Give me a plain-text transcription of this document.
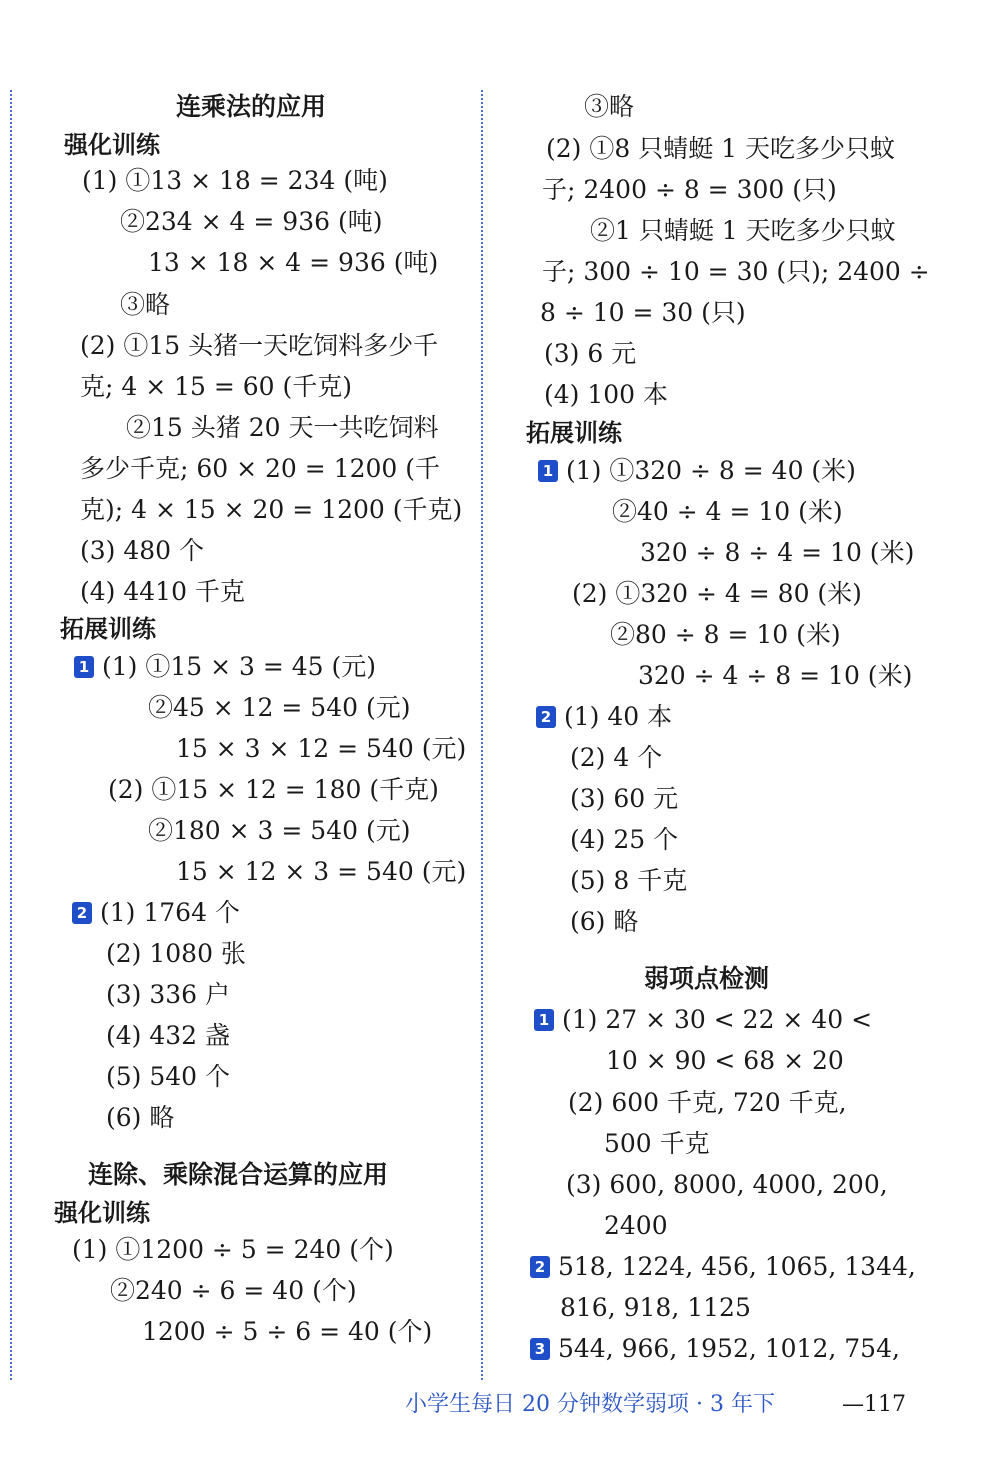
连乘法的应用
强化训练
(1) ①13 × 18 = 234 (吨)
②234 × 4 = 936 (吨)
13 × 18 × 4 = 936 (吨)
③略
(2) ①15 头猪一天吃饲料多少千
克; 4 × 15 = 60 (千克)
②15 头猪 20 天一共吃饲料
多少千克; 60 × 20 = 1200 (千
克); 4 × 15 × 20 = 1200 (千克)
(3) 480 个
(4) 4410 千克
拓展训练
1 (1) ①15 × 3 = 45 (元)
②45 × 12 = 540 (元)
15 × 3 × 12 = 540 (元)
(2) ①15 × 12 = 180 (千克)
②180 × 3 = 540 (元)
15 × 12 × 3 = 540 (元)
2 (1) 1764 个
(2) 1080 张
(3) 336 户
(4) 432 盏
(5) 540 个
(6) 略
连除、乘除混合运算的应用
强化训练
(1) ①1200 ÷ 5 = 240 (个)
②240 ÷ 6 = 40 (个)
1200 ÷ 5 ÷ 6 = 40 (个)
③略
(2) ①8 只蜻蜓 1 天吃多少只蚊
子; 2400 ÷ 8 = 300 (只)
②1 只蜻蜓 1 天吃多少只蚊
子; 300 ÷ 10 = 30 (只); 2400 ÷
8 ÷ 10 = 30 (只)
(3) 6 元
(4) 100 本
拓展训练
1 (1) ①320 ÷ 8 = 40 (米)
②40 ÷ 4 = 10 (米)
320 ÷ 8 ÷ 4 = 10 (米)
(2) ①320 ÷ 4 = 80 (米)
②80 ÷ 8 = 10 (米)
320 ÷ 4 ÷ 8 = 10 (米)
2 (1) 40 本
(2) 4 个
(3) 60 元
(4) 25 个
(5) 8 千克
(6) 略
弱项点检测
1 (1) 27 × 30 < 22 × 40 <
10 × 90 < 68 × 20
(2) 600 千克, 720 千克,
500 千克
(3) 600, 8000, 4000, 200,
2400
2 518, 1224, 456, 1065, 1344,
816, 918, 1125
3 544, 966, 1952, 1012, 754,
小学生每日 20 分钟数学弱项 · 3 年下	—117
